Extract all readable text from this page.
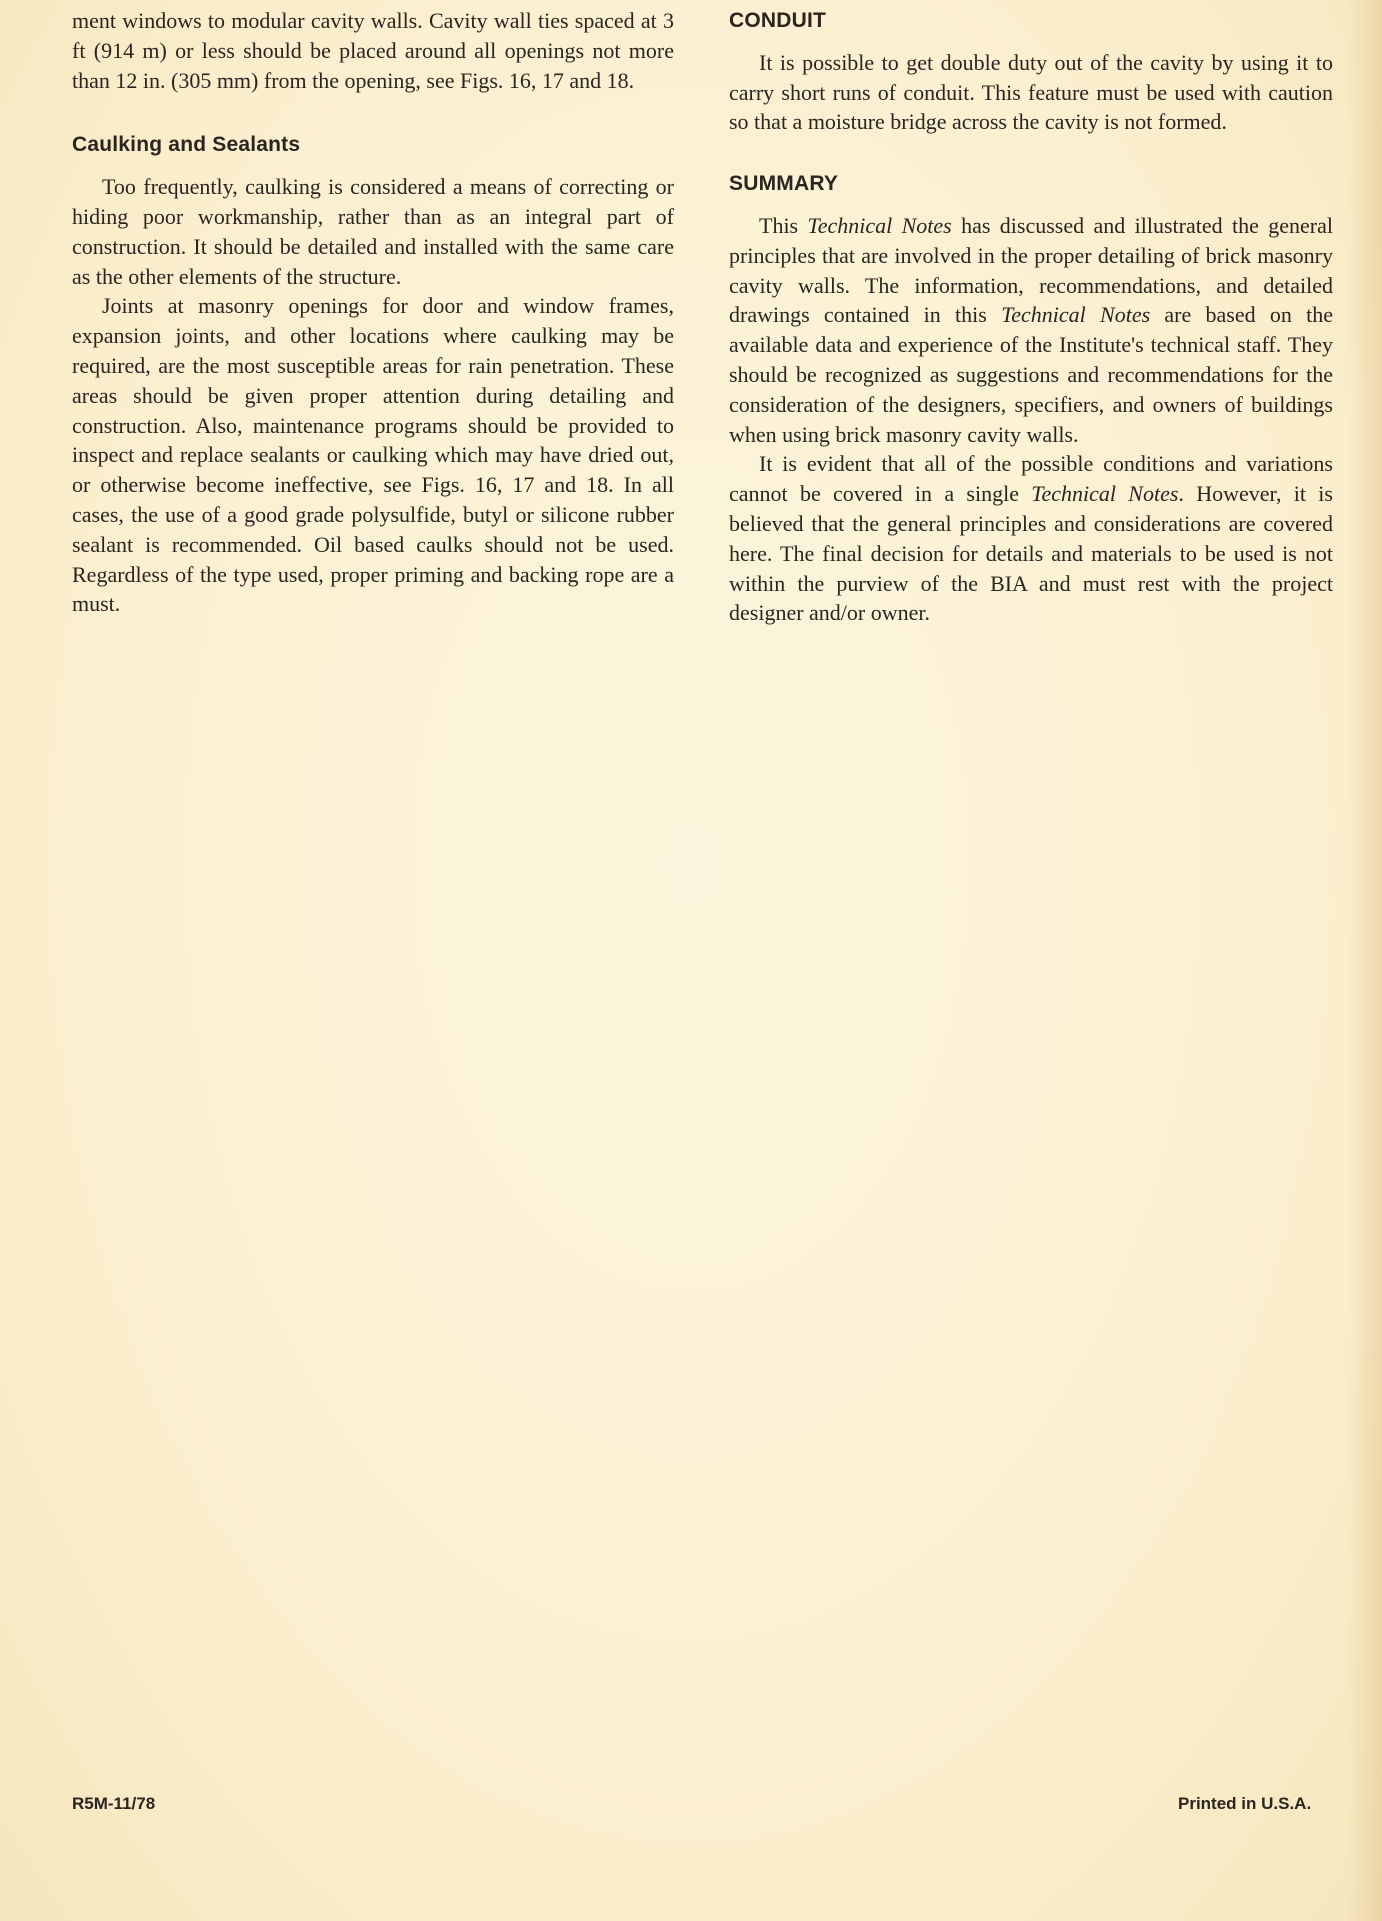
ment windows to modular cavity walls. Cavity wall ties spaced at 3 ft (914 m) or less should be placed around all openings not more than 12 in. (305 mm) from the opening, see Figs. 16, 17 and 18.

Caulking and Sealants

Too frequently, caulking is considered a means of correcting or hiding poor workmanship, rather than as an integral part of construction. It should be detailed and installed with the same care as the other elements of the structure.

Joints at masonry openings for door and window frames, expansion joints, and other locations where caulking may be required, are the most susceptible areas for rain penetration. These areas should be given proper attention during detailing and construction. Also, maintenance programs should be provided to inspect and replace sealants or caulking which may have dried out, or otherwise become ineffective, see Figs. 16, 17 and 18. In all cases, the use of a good grade polysulfide, butyl or silicone rubber sealant is recommended. Oil based caulks should not be used. Regardless of the type used, proper priming and backing rope are a must.

CONDUIT

It is possible to get double duty out of the cavity by using it to carry short runs of conduit. This feature must be used with caution so that a moisture bridge across the cavity is not formed.

SUMMARY

This Technical Notes has discussed and illustrated the general principles that are involved in the proper detailing of brick masonry cavity walls. The information, recommendations, and detailed drawings contained in this Technical Notes are based on the available data and experience of the Institute's technical staff. They should be recognized as suggestions and recommendations for the consideration of the designers, specifiers, and owners of buildings when using brick masonry cavity walls.

It is evident that all of the possible conditions and variations cannot be covered in a single Technical Notes. However, it is believed that the general principles and considerations are covered here. The final decision for details and materials to be used is not within the purview of the BIA and must rest with the project designer and/or owner.

R5M-11/78	Printed in U.S.A.
